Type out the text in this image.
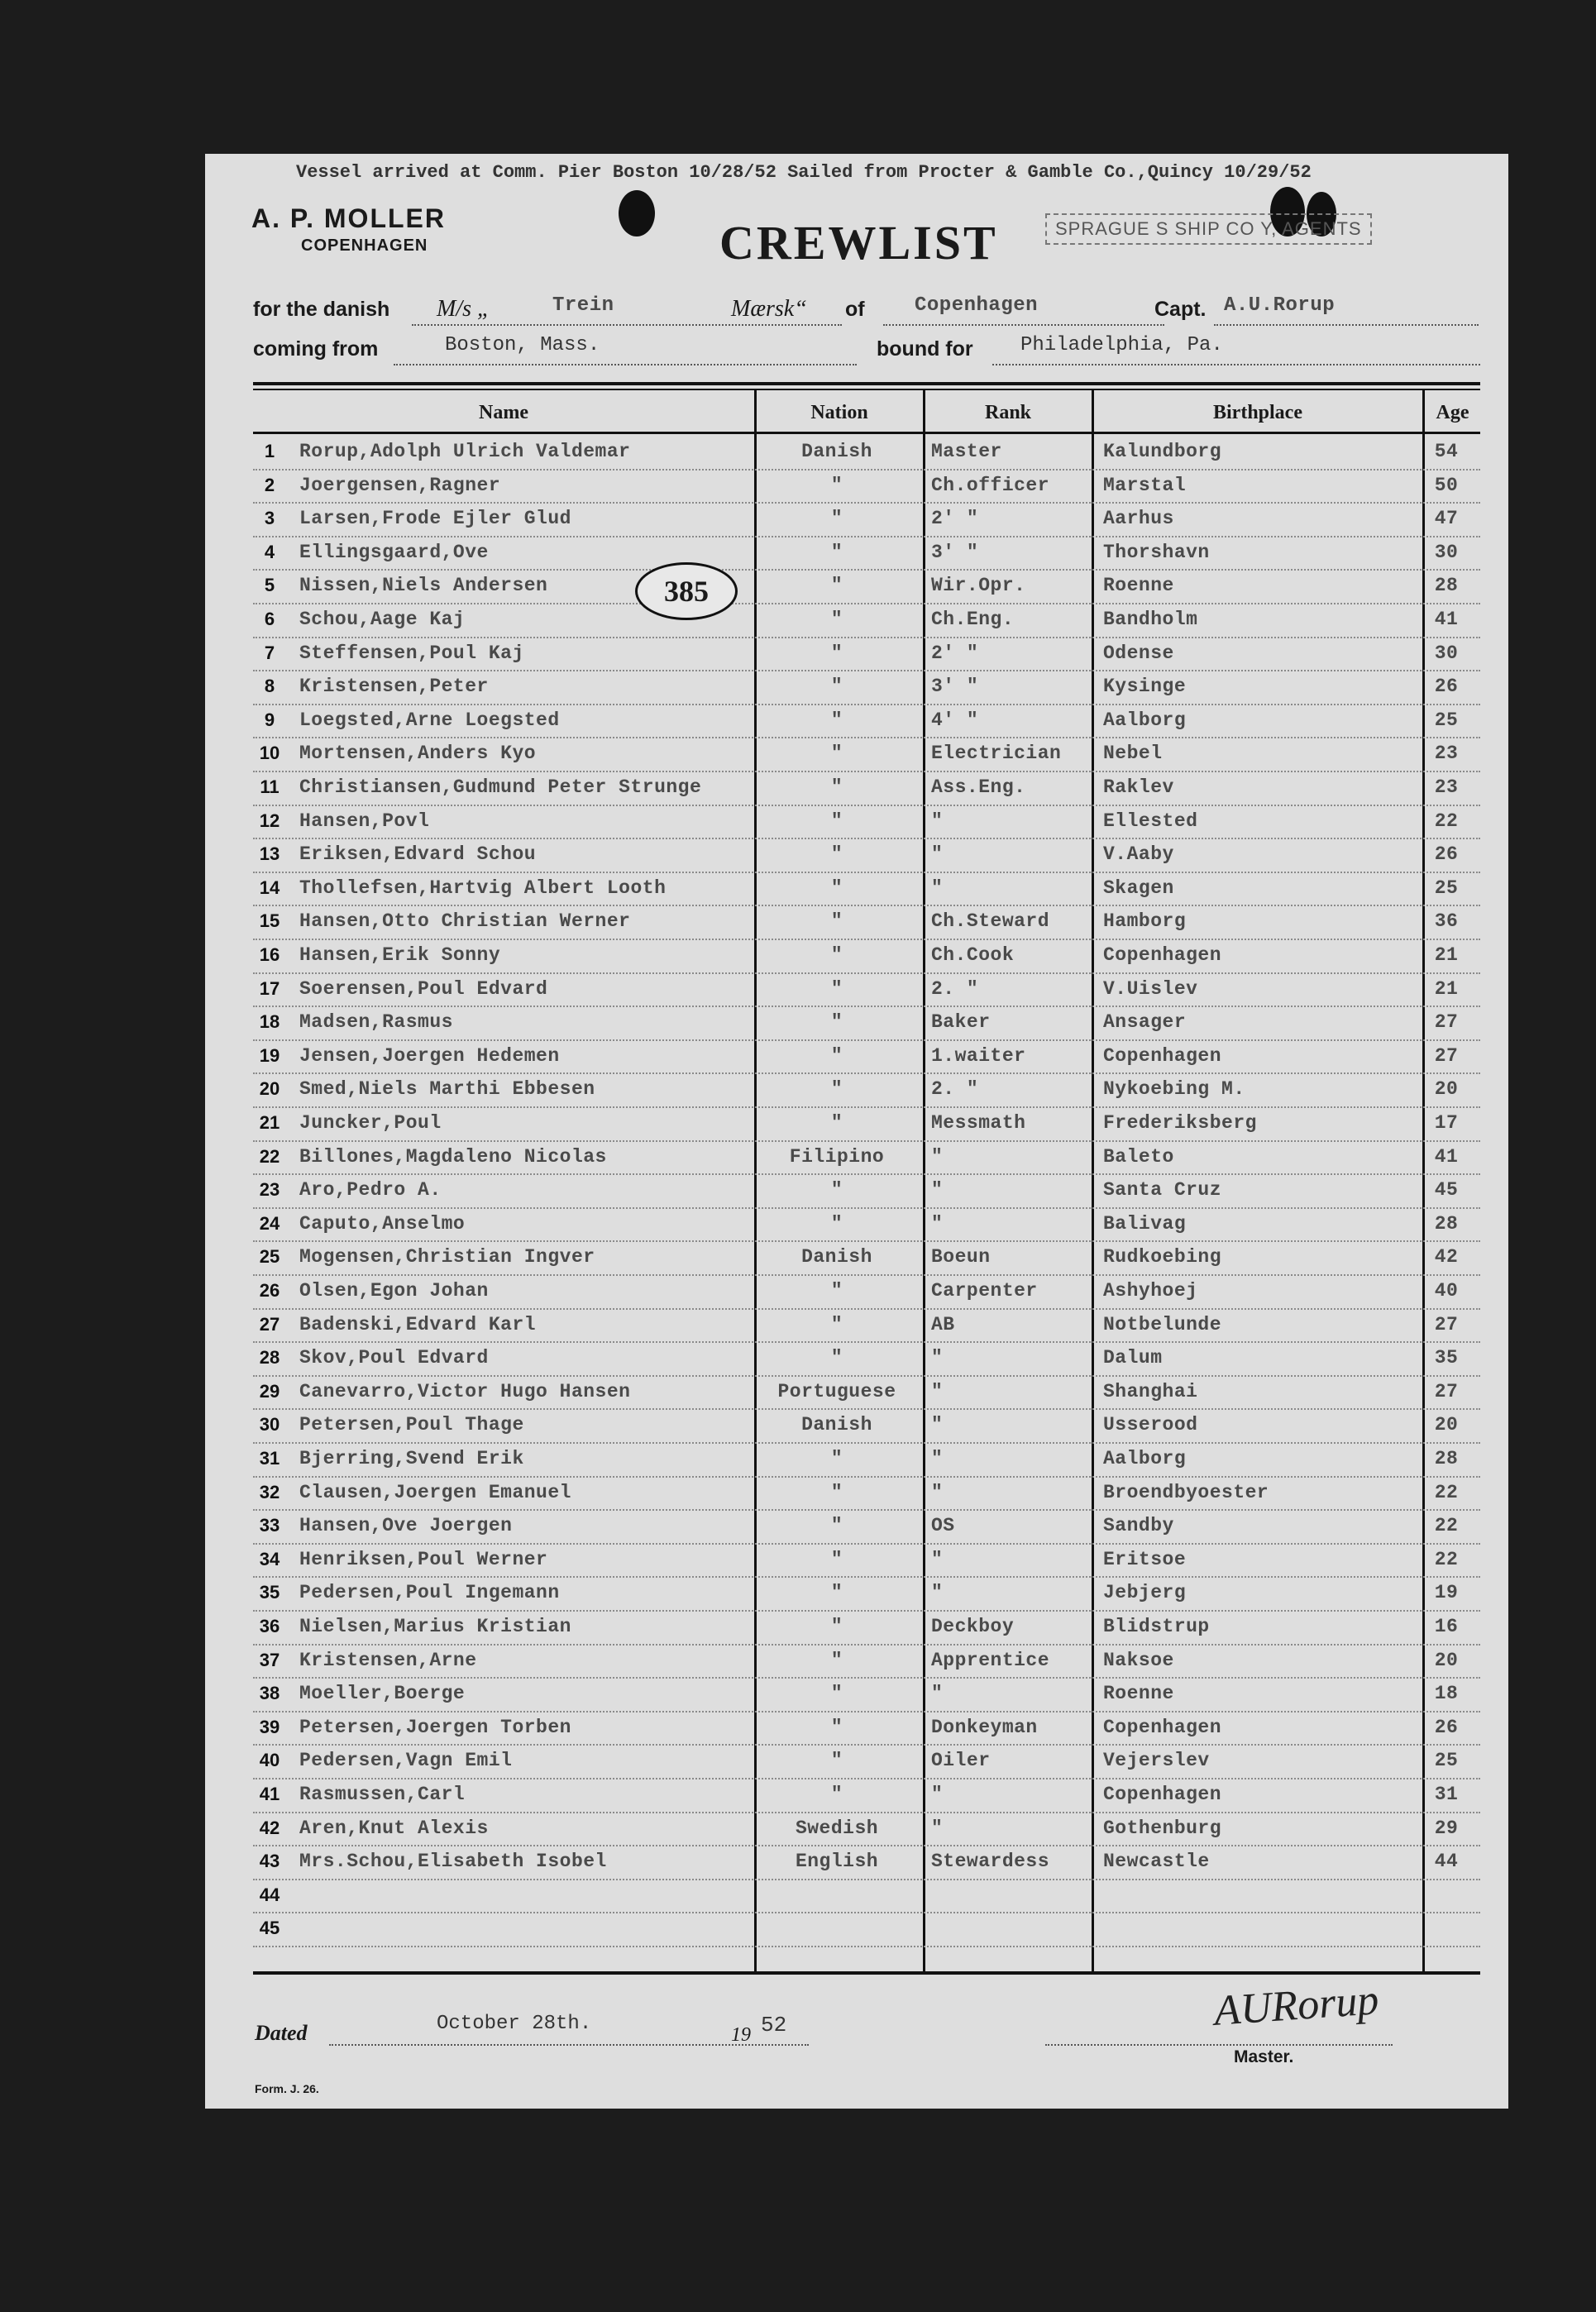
Vessel arrived at Comm. Pier Boston 10/28/52 Sailed from Procter & Gamble Co.,Quincy 10/29/52
A. P. MOLLER
COPENHAGEN	CREWLIST	SPRAGUE S SHIP CO Y, AGENTS
for the danish M/s „	Trein	Mærsk“ of	Copenhagen	Capt. A.U.Rorup
coming from	Boston, Mass.	bound for Philadelphia, Pa.
Name	Nation	Rank	Birthplace	Age
1	Rorup,Adolph Ulrich Valdemar	Danish	Master	Kalundborg	54
2	Joergensen,Ragner	"	Ch.officer	Marstal	50
3	Larsen,Frode Ejler Glud	"	2' "	Aarhus	47
4	Ellingsgaard,Ove	"	3' "	Thorshavn	30
5	Nissen,Niels Andersen	"	Wir.Opr.	Roenne	28
6	Schou,Aage Kaj	"	Ch.Eng.	Bandholm	41
7	Steffensen,Poul Kaj	"	2' "	Odense	30
8	Kristensen,Peter	"	3' "	Kysinge	26
9	Loegsted,Arne Loegsted	"	4' "	Aalborg	25
10	Mortensen,Anders Kyo	"	Electrician	Nebel	23
11	Christiansen,Gudmund Peter Strunge	"	Ass.Eng.	Raklev	23
12	Hansen,Povl	"	"	Ellested	22
13	Eriksen,Edvard Schou	"	"	V.Aaby	26
14	Thollefsen,Hartvig Albert Looth	"	"	Skagen	25
15	Hansen,Otto Christian Werner	"	Ch.Steward	Hamborg	36
16	Hansen,Erik Sonny	"	Ch.Cook	Copenhagen	21
17	Soerensen,Poul Edvard	"	2. "	V.Uislev	21
18	Madsen,Rasmus	"	Baker	Ansager	27
19	Jensen,Joergen Hedemen	"	1.waiter	Copenhagen	27
20	Smed,Niels Marthi Ebbesen	"	2. "	Nykoebing M.	20
21	Juncker,Poul	"	Messmath	Frederiksberg	17
22	Billones,Magdaleno Nicolas	Filipino	"	Baleto	41
23	Aro,Pedro A.	"	"	Santa Cruz	45
24	Caputo,Anselmo	"	"	Balivag	28
25	Mogensen,Christian Ingver	Danish	Boeun	Rudkoebing	42
26	Olsen,Egon Johan	"	Carpenter	Ashyhoej	40
27	Badenski,Edvard Karl	"	AB	Notbelunde	27
28	Skov,Poul Edvard	"	"	Dalum	35
29	Canevarro,Victor Hugo Hansen	Portuguese	"	Shanghai	27
30	Petersen,Poul Thage	Danish	"	Usserood	20
31	Bjerring,Svend Erik	"	"	Aalborg	28
32	Clausen,Joergen Emanuel	"	"	Broendbyoester	22
33	Hansen,Ove Joergen	"	OS	Sandby	22
34	Henriksen,Poul Werner	"	"	Eritsoe	22
35	Pedersen,Poul Ingemann	"	"	Jebjerg	19
36	Nielsen,Marius Kristian	"	Deckboy	Blidstrup	16
37	Kristensen,Arne	"	Apprentice	Naksoe	20
38	Moeller,Boerge	"	"	Roenne	18
39	Petersen,Joergen Torben	"	Donkeyman	Copenhagen	26
40	Pedersen,Vagn Emil	"	Oiler	Vejerslev	25
41	Rasmussen,Carl	"	"	Copenhagen	31
42	Aren,Knut Alexis	Swedish	"	Gothenburg	29
43	Mrs.Schou,Elisabeth Isobel	English	Stewardess	Newcastle	44
44
45
385
Dated	October 28th.	19 52	AURorup
Master.
Form. J. 26.
